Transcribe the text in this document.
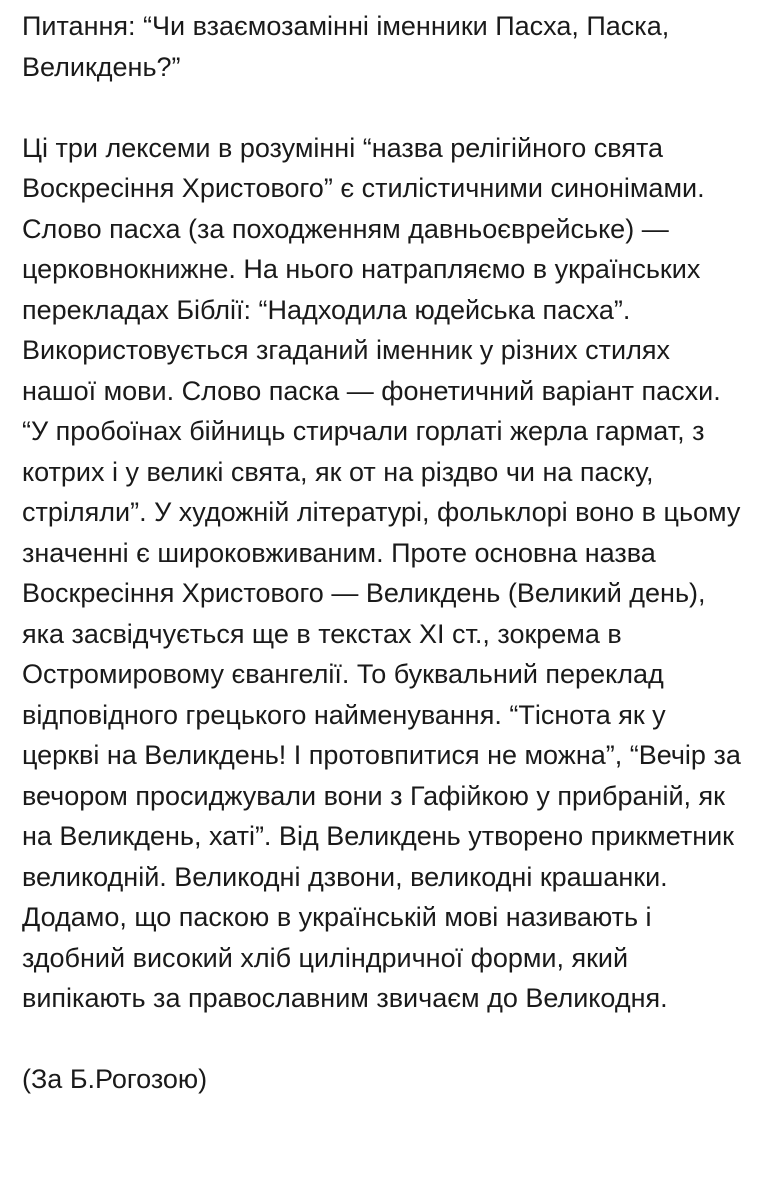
Питання: “Чи взаємозамінні іменники Пасха, Паска, Великдень?”

Ці три лексеми в розумінні “назва релігійного свята Воскресіння Христового” є стилістичними синонімами. Слово пасха (за походженням давньоєврейське) — церковнокнижне. На нього натрапляємо в українських перекладах Біблії: “Надходила юдейська пасха”. Використовується згаданий іменник у різних стилях нашої мови. Слово паска — фонетичний варіант пасхи. “У пробоїнах бійниць стирчали горлаті жерла гармат, з котрих і у великі свята, як от на різдво чи на паску, стріляли”. У художній літературі, фольклорі воно в цьому значенні є широковживаним. Проте основна назва Воскресіння Христового — Великдень (Великий день), яка засвідчується ще в текстах XI ст., зокрема в Остромировому євангелії. То буквальний переклад відповідного грецького найменування. “Тіснота як у церкві на Великдень! І протовпитися не можна”, “Вечір за вечором просиджували вони з Гафійкою у прибраній, як на Великдень, хаті”. Від Великдень утворено прикметник великодній. Великодні дзвони, великодні крашанки. Додамо, що паскою в українській мові називають і здобний високий хліб циліндричної форми, який випікають за православним звичаєм до Великодня.

(За Б.Рогозою)
